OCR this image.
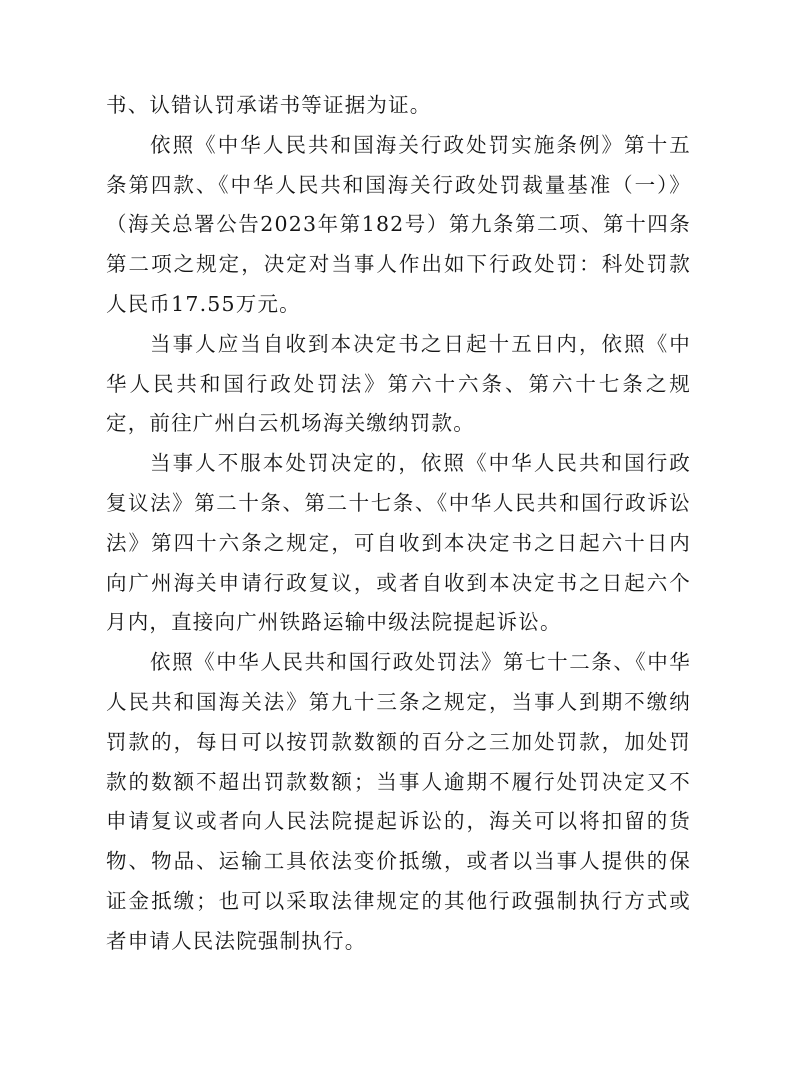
书、认错认罚承诺书等证据为证。

依照《中华人民共和国海关行政处罚实施条例》第十五条第四款、《中华人民共和国海关行政处罚裁量基准（一）》（海关总署公告2023年第182号）第九条第二项、第十四条第二项之规定，决定对当事人作出如下行政处罚：科处罚款人民币17.55万元。

当事人应当自收到本决定书之日起十五日内，依照《中华人民共和国行政处罚法》第六十六条、第六十七条之规定，前往广州白云机场海关缴纳罚款。

当事人不服本处罚决定的，依照《中华人民共和国行政复议法》第二十条、第二十七条、《中华人民共和国行政诉讼法》第四十六条之规定，可自收到本决定书之日起六十日内向广州海关申请行政复议，或者自收到本决定书之日起六个月内，直接向广州铁路运输中级法院提起诉讼。

依照《中华人民共和国行政处罚法》第七十二条、《中华人民共和国海关法》第九十三条之规定，当事人到期不缴纳罚款的，每日可以按罚款数额的百分之三加处罚款，加处罚款的数额不超出罚款数额；当事人逾期不履行处罚决定又不申请复议或者向人民法院提起诉讼的，海关可以将扣留的货物、物品、运输工具依法变价抵缴，或者以当事人提供的保证金抵缴；也可以采取法律规定的其他行政强制执行方式或者申请人民法院强制执行。
